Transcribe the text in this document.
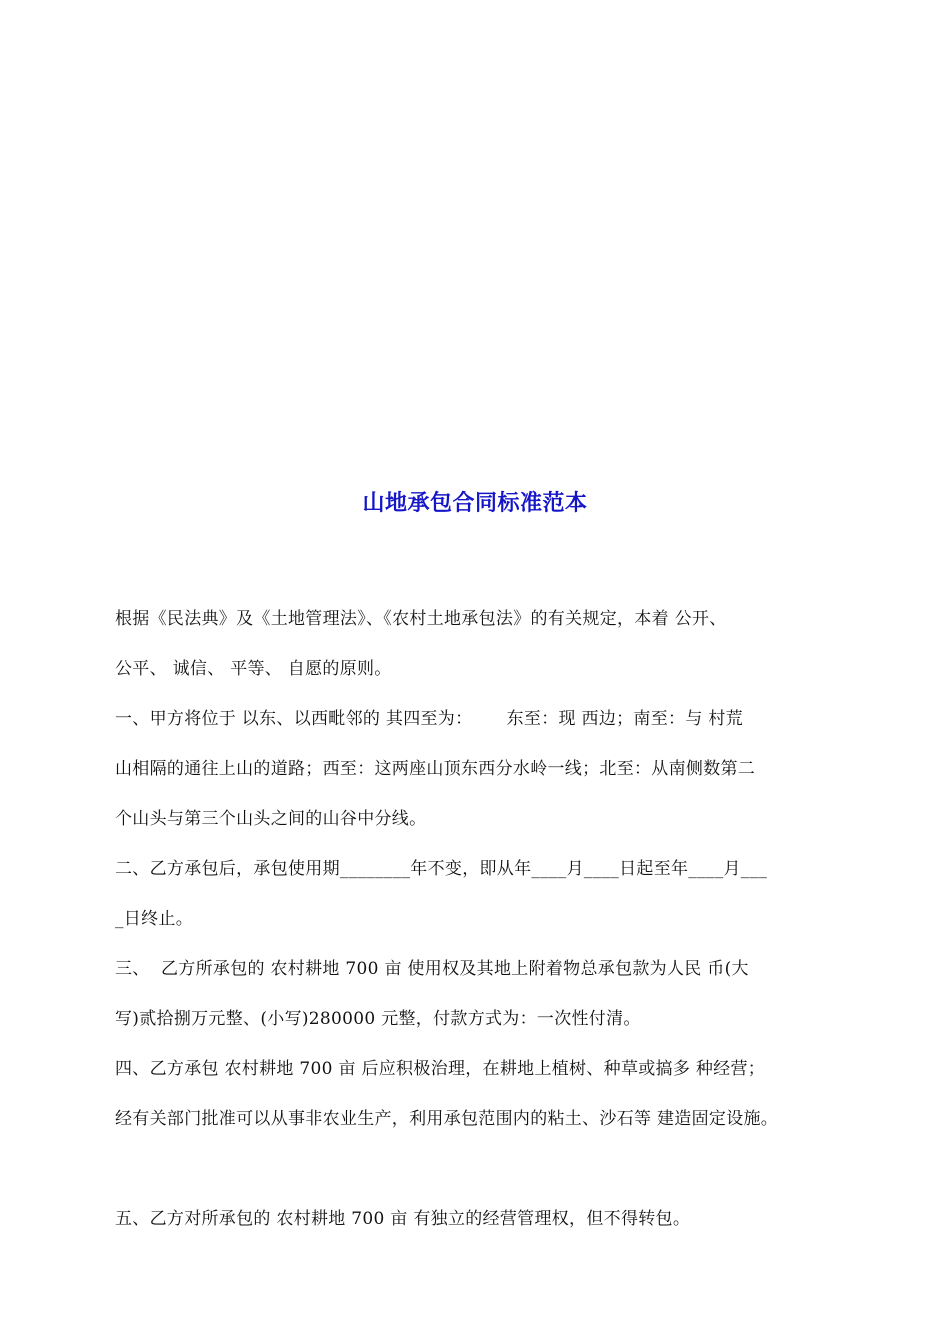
山地承包合同标准范本
根据《民法典》及《土地管理法》、《农村土地承包法》的有关规定，本着 公开、
公平、 诚信、 平等、 自愿的原则。
一、甲方将位于 以东、以西毗邻的 其四至为：      东至：现 西边；南至：与 村荒
山相隔的通往上山的道路；西至：这两座山顶东西分水岭一线；北至：从南侧数第二
个山头与第三个山头之间的山谷中分线。
二、乙方承包后，承包使用期________年不变，即从年____月____日起至年____月___
_日终止。
三、  乙方所承包的 农村耕地 700 亩 使用权及其地上附着物总承包款为人民 币(大
写)贰拾捌万元整、(小写)280000 元整，付款方式为：一次性付清。
四、乙方承包 农村耕地 700 亩 后应积极治理，在耕地上植树、种草或搞多 种经营；
经有关部门批准可以从事非农业生产，利用承包范围内的粘土、沙石等 建造固定设施。
五、乙方对所承包的 农村耕地 700 亩 有独立的经营管理权，但不得转包。
